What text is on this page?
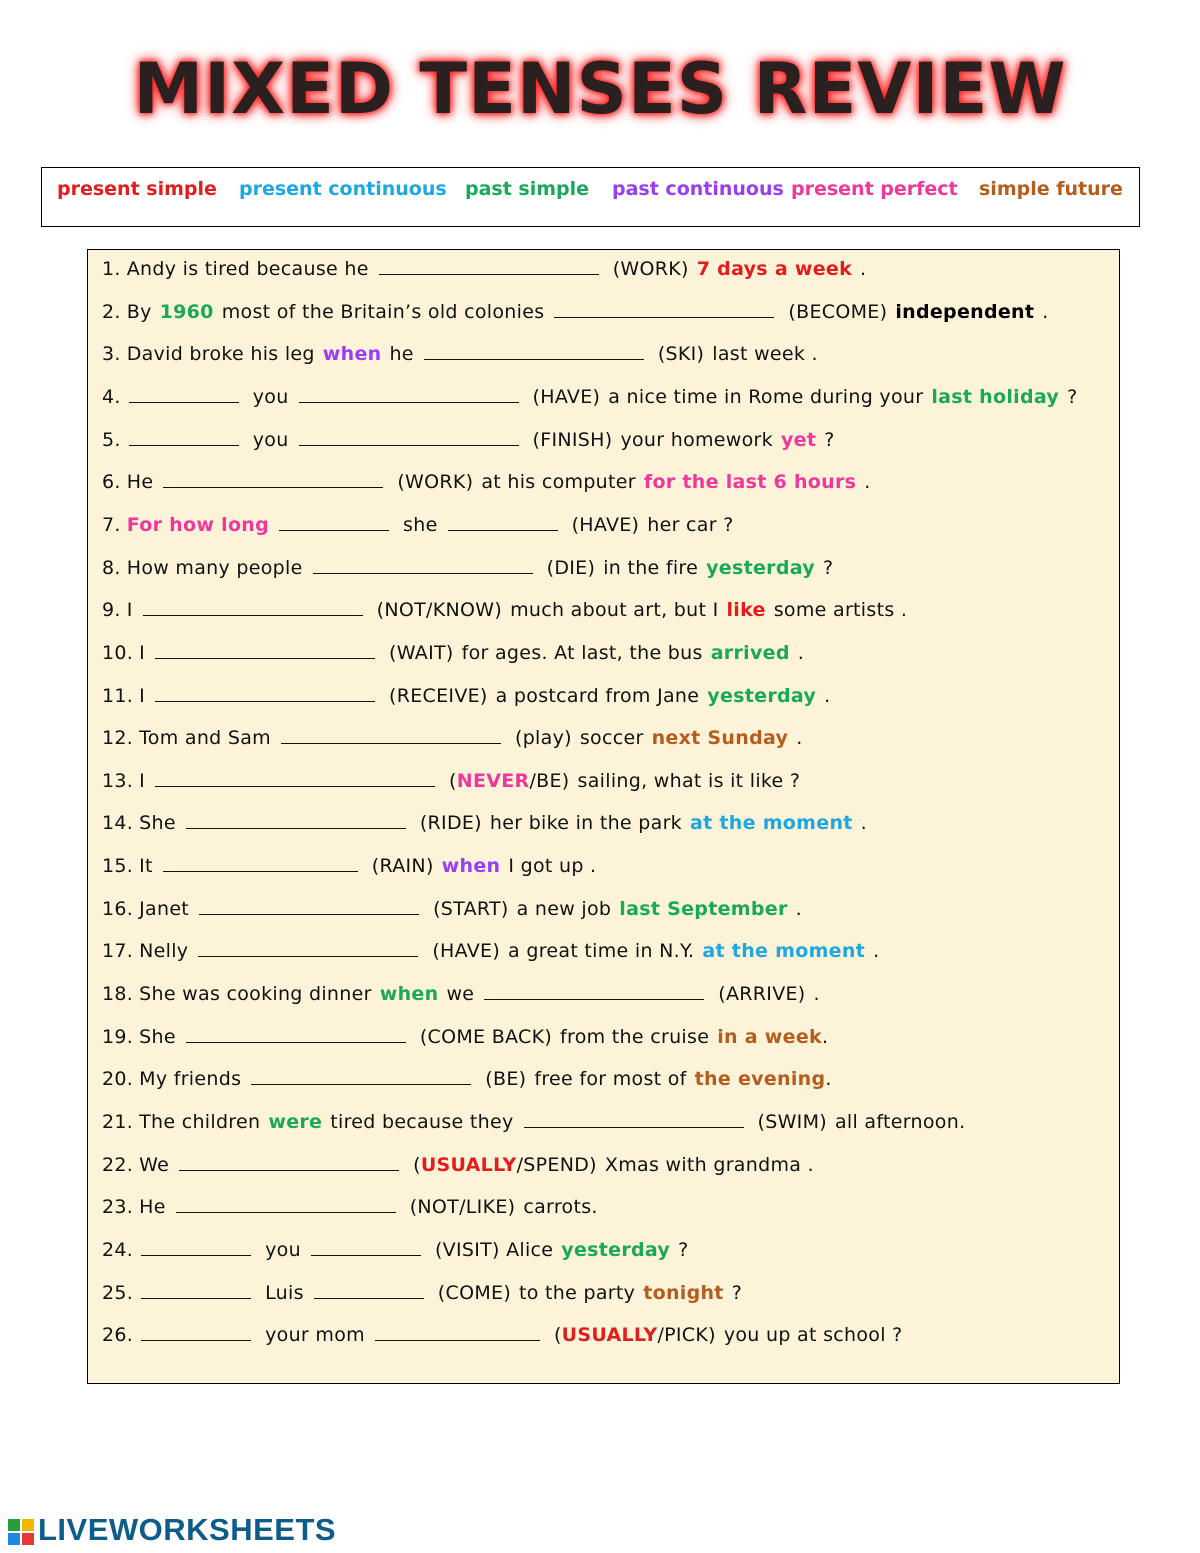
MIXED TENSES REVIEW
present simple present continuous past simple past continuous present perfect simple future
1. Andy is tired because he	(WORK) 7 days a week .
2. By 1960 most of the Britain’s old colonies	(BECOME) independent .
3. David broke his leg when he	(SKI) last week .
4.	you	(HAVE) a nice time in Rome during your last holiday ?
5.	you	(FINISH) your homework yet ?
6. He	(WORK) at his computer for the last 6 hours .
7. For how long	she	(HAVE) her car ?
8. How many people	(DIE) in the fire yesterday ?
9. I	(NOT/KNOW) much about art, but I like some artists .
10. I	(WAIT) for ages. At last, the bus arrived .
11. I	(RECEIVE) a postcard from Jane yesterday .
12. Tom and Sam	(play) soccer next Sunday .
13. I	(NEVER/BE) sailing, what is it like ?
14. She	(RIDE) her bike in the park at the moment .
15. It	(RAIN) when I got up .
16. Janet	(START) a new job last September .
17. Nelly	(HAVE) a great time in N.Y. at the moment .
18. She was cooking dinner when we	(ARRIVE) .
19. She	(COME BACK) from the cruise in a week.
20. My friends	(BE) free for most of the evening.
21. The children were tired because they	(SWIM) all afternoon.
22. We	(USUALLY/SPEND) Xmas with grandma .
23. He	(NOT/LIKE) carrots.
24.	you	(VISIT) Alice yesterday ?
25.	Luis	(COME) to the party tonight ?
26.	your mom	(USUALLY/PICK) you up at school ?
LIVEWORKSHEETS
